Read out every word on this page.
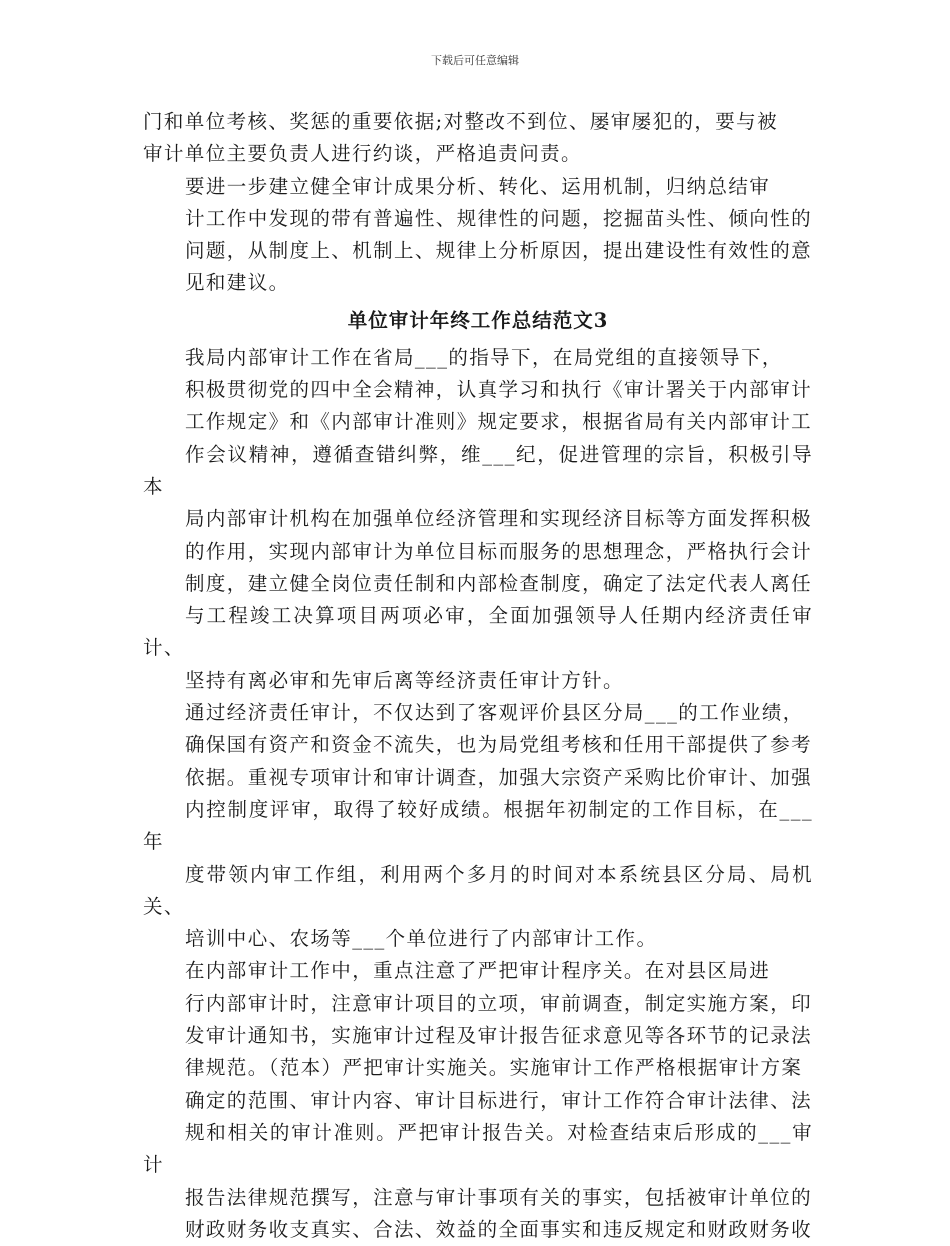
下载后可任意编辑

门和单位考核、奖惩的重要依据;对整改不到位、屡审屡犯的，要与被
审计单位主要负责人进行约谈，严格追责问责。

要进一步建立健全审计成果分析、转化、运用机制，归纳总结审
计工作中发现的带有普遍性、规律性的问题，挖掘苗头性、倾向性的
问题，从制度上、机制上、规律上分析原因，提出建设性有效性的意
见和建议。

单位审计年终工作总结范文3

我局内部审计工作在省局___的指导下，在局党组的直接领导下，
积极贯彻党的四中全会精神，认真学习和执行《审计署关于内部审计
工作规定》和《内部审计准则》规定要求，根据省局有关内部审计工
作会议精神，遵循查错纠弊，维___纪，促进管理的宗旨，积极引导本
局内部审计机构在加强单位经济管理和实现经济目标等方面发挥积极
的作用，实现内部审计为单位目标而服务的思想理念，严格执行会计
制度，建立健全岗位责任制和内部检查制度，确定了法定代表人离任
与工程竣工决算项目两项必审，全面加强领导人任期内经济责任审计、
坚持有离必审和先审后离等经济责任审计方针。

通过经济责任审计，不仅达到了客观评价县区分局___的工作业绩，
确保国有资产和资金不流失，也为局党组考核和任用干部提供了参考
依据。重视专项审计和审计调查，加强大宗资产采购比价审计、加强
内控制度评审，取得了较好成绩。根据年初制定的工作目标，在___年
度带领内审工作组，利用两个多月的时间对本系统县区分局、局机关、
培训中心、农场等___个单位进行了内部审计工作。

在内部审计工作中，重点注意了严把审计程序关。在对县区局进
行内部审计时，注意审计项目的立项，审前调查，制定实施方案，印
发审计通知书，实施审计过程及审计报告征求意见等各环节的记录法
律规范。（范本）严把审计实施关。实施审计工作严格根据审计方案
确定的范围、审计内容、审计目标进行，审计工作符合审计法律、法
规和相关的审计准则。严把审计报告关。对检查结束后形成的___审计
报告法律规范撰写，注意与审计事项有关的事实，包括被审计单位的
财政财务收支真实、合法、效益的全面事实和违反规定和财政财务收
